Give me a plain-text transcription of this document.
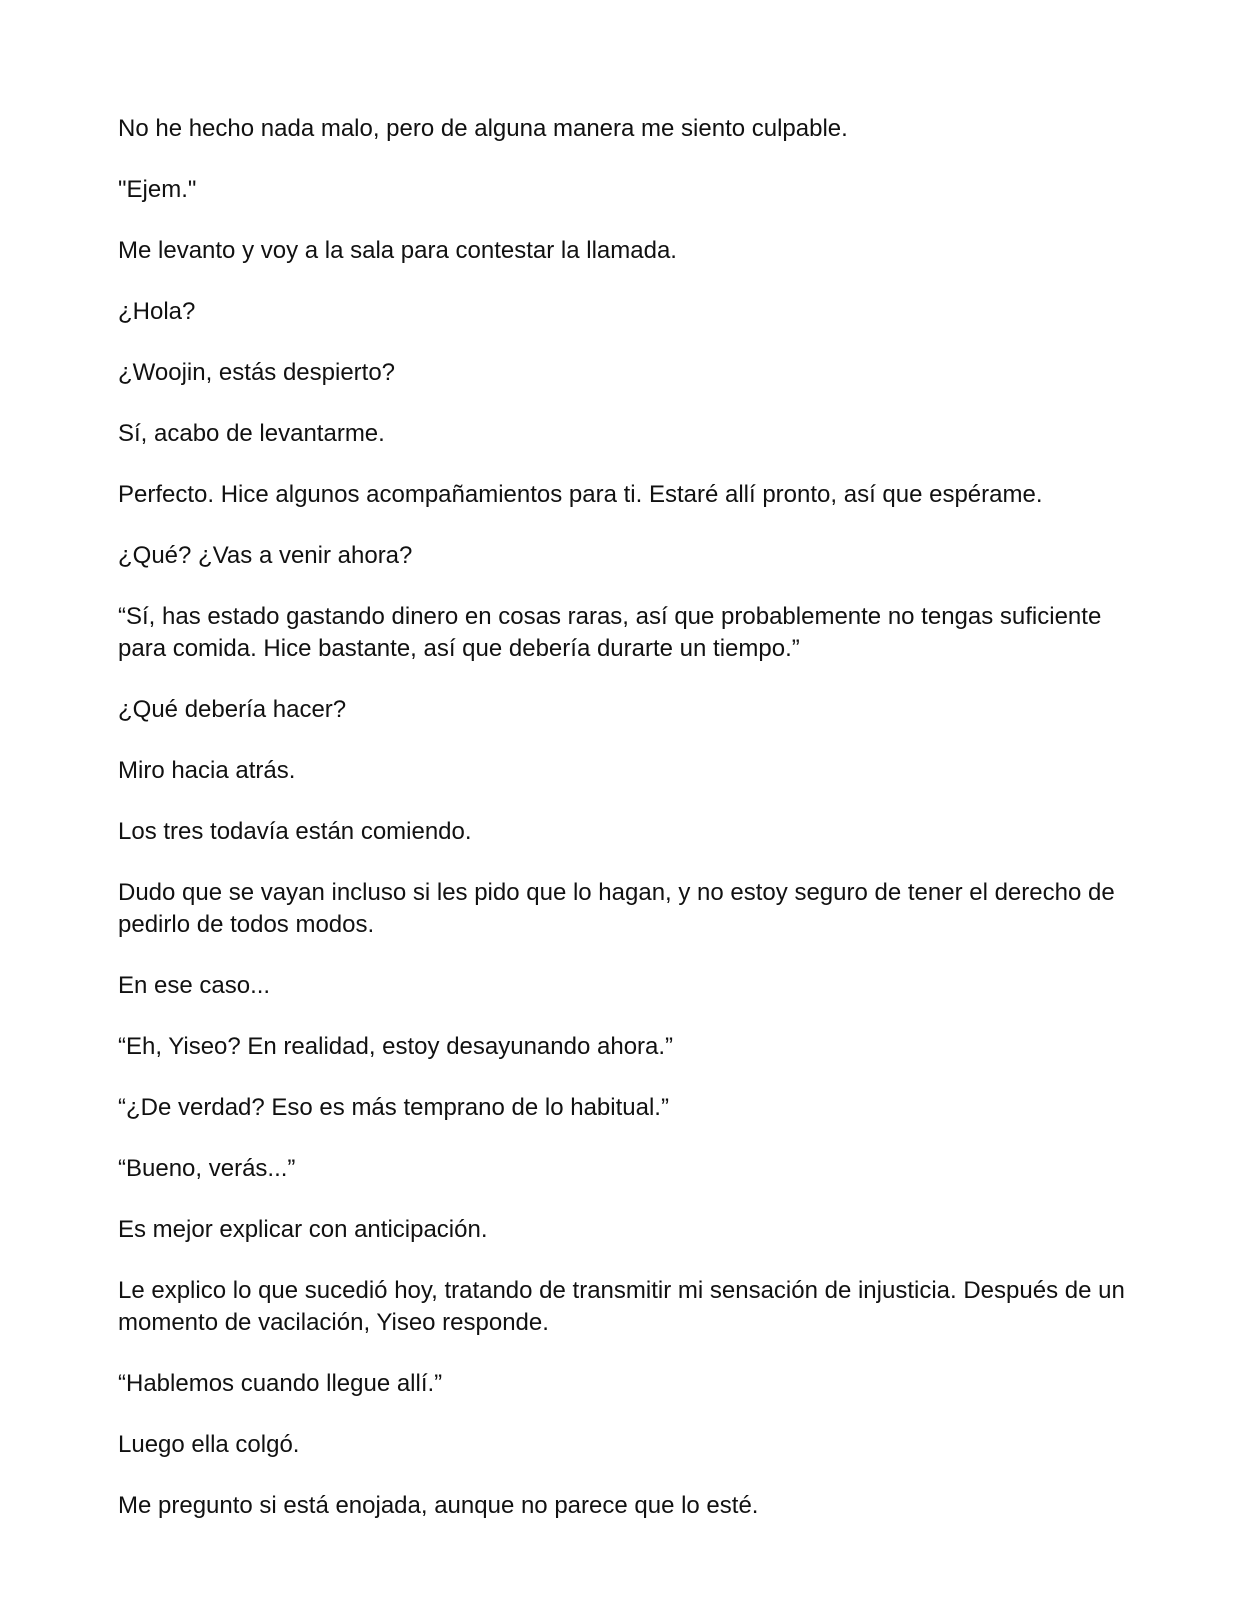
No he hecho nada malo, pero de alguna manera me siento culpable.

"Ejem."

Me levanto y voy a la sala para contestar la llamada.

¿Hola?

¿Woojin, estás despierto?

Sí, acabo de levantarme.

Perfecto. Hice algunos acompañamientos para ti. Estaré allí pronto, así que espérame.

¿Qué? ¿Vas a venir ahora?

“Sí, has estado gastando dinero en cosas raras, así que probablemente no tengas suficiente para comida. Hice bastante, así que debería durarte un tiempo.”

¿Qué debería hacer?

Miro hacia atrás.

Los tres todavía están comiendo.

Dudo que se vayan incluso si les pido que lo hagan, y no estoy seguro de tener el derecho de pedirlo de todos modos.

En ese caso...

“Eh, Yiseo? En realidad, estoy desayunando ahora.”

“¿De verdad? Eso es más temprano de lo habitual.”

“Bueno, verás...”

Es mejor explicar con anticipación.

Le explico lo que sucedió hoy, tratando de transmitir mi sensación de injusticia. Después de un momento de vacilación, Yiseo responde.

“Hablemos cuando llegue allí.”

Luego ella colgó.

Me pregunto si está enojada, aunque no parece que lo esté.
